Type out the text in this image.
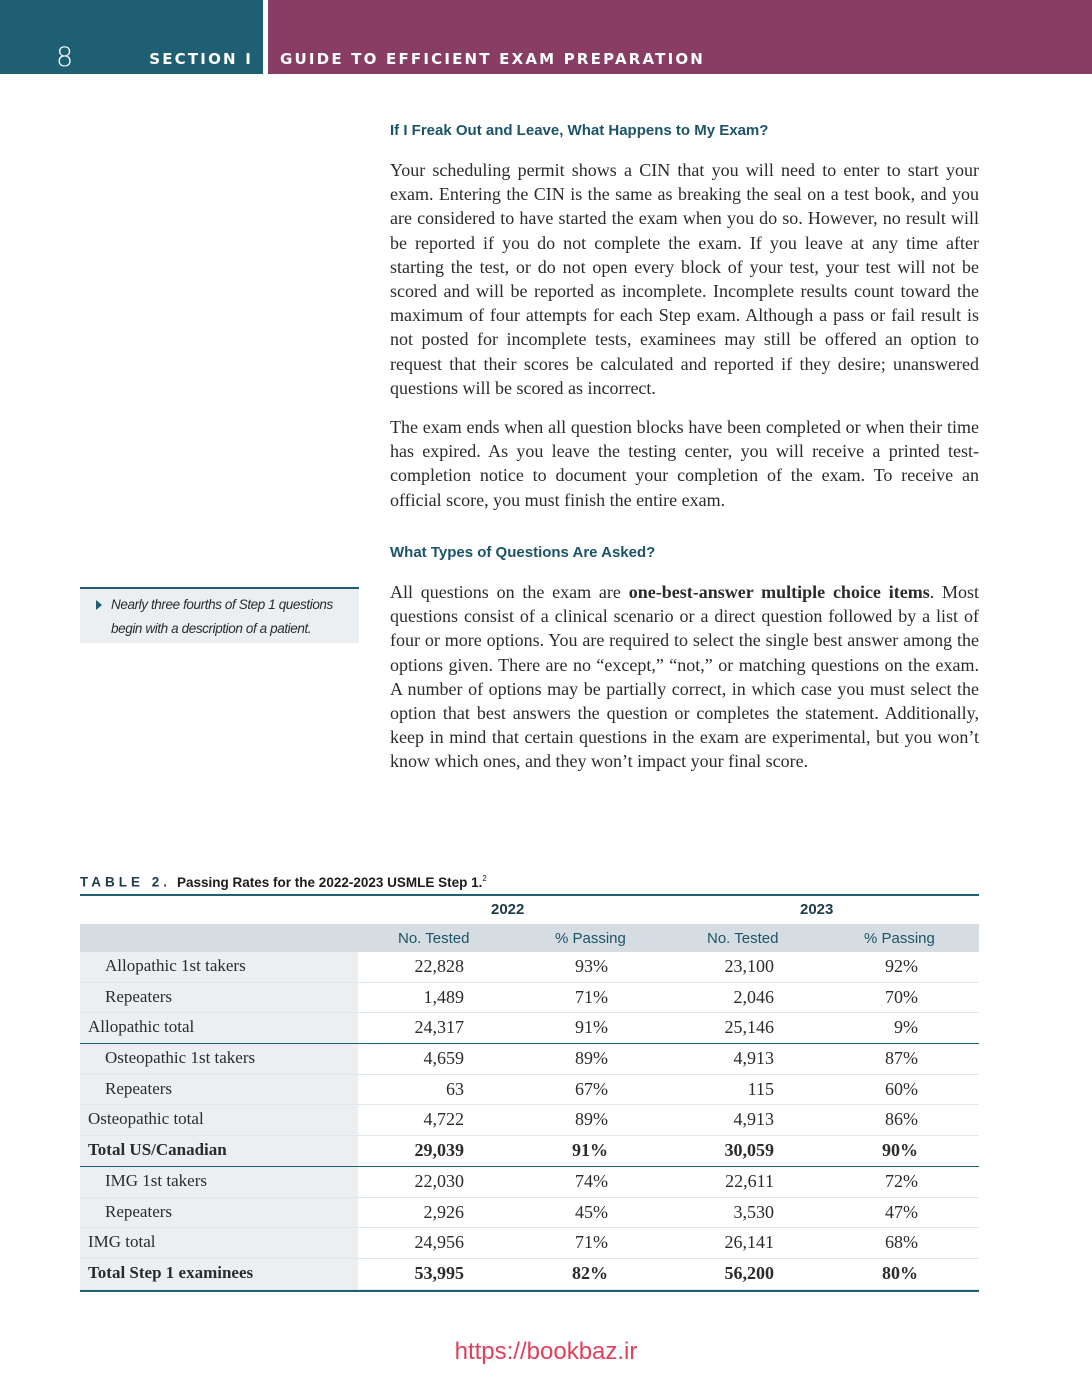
8	SECTION I GUIDE TO EFFICIENT EXAM PREPARATION
If I Freak Out and Leave, What Happens to My Exam?

Your scheduling permit shows a CIN that you will need to enter to start your exam. Entering the CIN is the same as breaking the seal on a test book, and you are considered to have started the exam when you do so. However, no result will be reported if you do not complete the exam. If you leave at any time after starting the test, or do not open every block of your test, your test will not be scored and will be reported as incomplete. Incomplete results count toward the maximum of four attempts for each Step exam. Although a pass or fail result is not posted for incomplete tests, examinees may still be offered an option to request that their scores be calculated and reported if they desire; unanswered questions will be scored as incorrect.

The exam ends when all question blocks have been completed or when their time has expired. As you leave the testing center, you will receive a printed test-completion notice to document your completion of the exam. To receive an official score, you must finish the entire exam.

What Types of Questions Are Asked?

All questions on the exam are one-best-answer multiple choice items. Most questions consist of a clinical scenario or a direct question followed by a list of four or more options. You are required to select the single best answer among the options given. There are no “except,” “not,” or matching questions on the exam. A number of options may be partially correct, in which case you must select the option that best answers the question or completes the statement. Additionally, keep in mind that certain questions in the exam are experimental, but you won’t know which ones, and they won’t impact your final score.

Nearly three fourths of Step 1 questions begin with a description of a patient.
TABLE 2. Passing Rates for the 2022-2023 USMLE Step 1.$^2$
2022	2023
No. Tested	% Passing	No. Tested	% Passing
Allopathic 1st takers	22,828	93%	23,100	92%
Repeaters	1,489	71%	2,046	70%
Allopathic total	24,317	91%	25,146	9%
Osteopathic 1st takers	4,659	89%	4,913	87%
Repeaters	63	67%	115	60%
Osteopathic total	4,722	89%	4,913	86%
Total US/Canadian	29,039	91%	30,059	90%
IMG 1st takers	22,030	74%	22,611	72%
Repeaters	2,926	45%	3,530	47%
IMG total	24,956	71%	26,141	68%
Total Step 1 examinees	53,995	82%	56,200	80%
https://bookbaz.ir
